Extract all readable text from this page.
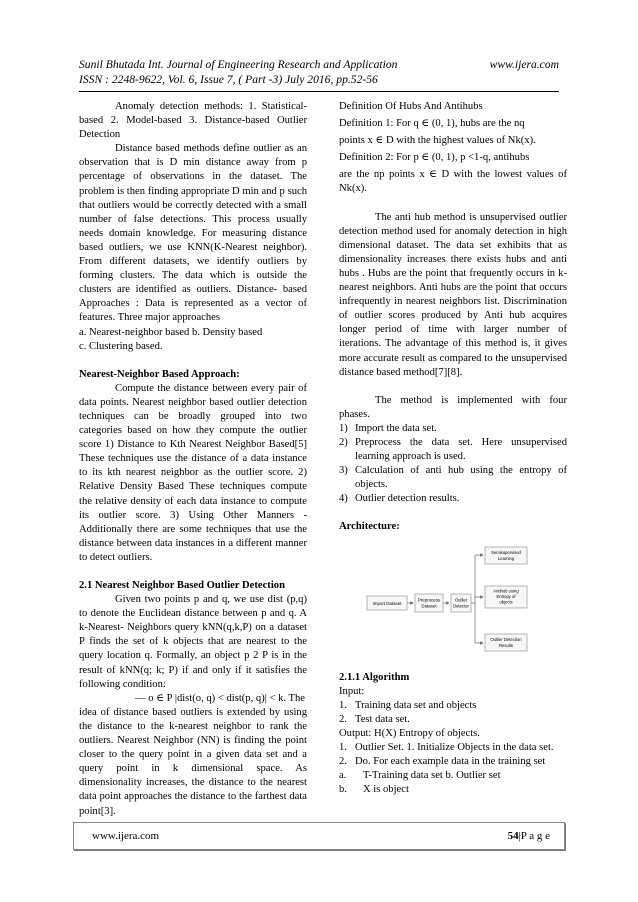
Sunil Bhutada Int. Journal of Engineering Research and Application	www.ijera.com
ISSN : 2248-9622, Vol. 6, Issue 7, ( Part -3) July 2016, pp.52-56

Anomaly detection methods: 1. Statistical- based 2. Model-based 3. Distance-based Outlier Detection

Distance based methods define outlier as an observation that is D min distance away from p percentage of observations in the dataset. The problem is then finding appropriate D min and p such that outliers would be correctly detected with a small number of false detections. This process usually needs domain knowledge. For measuring distance based outliers, we use KNN(K-Nearest neighbor). From different datasets, we identify outliers by forming clusters. The data which is outside the clusters are identified as outliers. Distance- based Approaches : Data is represented as a vector of features. Three major approaches

a. Nearest-neighbor based b. Density based

c. Clustering based.

Nearest-Neighbor Based Approach:

Compute the distance between every pair of data points. Nearest neighbor based outlier detection techniques can be broadly grouped into two categories based on how they compute the outlier score 1) Distance to Kth Nearest Neighbor Based[5] These techniques use the distance of a data instance to its kth nearest neighbor as the outlier score. 2) Relative Density Based These techniques compute the relative density of each data instance to compute its outlier score. 3) Using Other Manners - Additionally there are some techniques that use the distance between data instances in a different manner to detect outliers.

2.1 Nearest Neighbor Based Outlier Detection

Given two points p and q, we use dist (p,q) to denote the Euclidean distance between p and q. A k-Nearest- Neighbors query kNN(q,k,P) on a dataset P finds the set of k objects that are nearest to the query location q. Formally, an object p 2 P is in the result of kNN(q; k; P) if and only if it satisfies the following condition:

— o ∈ P |dist(o, q) < dist(p, q)| < k. The

idea of distance based outliers is extended by using the distance to the k-nearest neighbor to rank the outliers. Nearest Neighbor (NN) is finding the point closer to the query point in a given data set and a query point in k dimensional space. As dimensionality increases, the distance to the nearest data point approaches the distance to the farthest data point[3].

Definition Of Hubs And Antihubs

Definition 1: For q ∈ (0, 1), hubs are the nq

points x ∈ D with the highest values of Nk(x).

Definition 2: For p ∈ (0, 1), p <1-q, antihubs

are the np points x ∈ D with the lowest values of Nk(x).

The anti hub method is unsupervised outlier detection method used for anomaly detection in high dimensional dataset. The data set exhibits that as dimensionality increases there exists hubs and anti hubs . Hubs are the point that frequently occurs in k-nearest neighbors. Anti hubs are the point that occurs infrequently in nearest neighbors list. Discrimination of outlier scores produced by Anti hub acquires longer period of time with larger number of iterations. The advantage of this method is, it gives more accurate result as compared to the unsupervised distance based method[7][8].

The method is implemented with four phases.

1) Import the data set.
2) Preprocess the data set. Here unsupervised learning approach is used.
3) Calculation of anti hub using the entropy of objects.
4) Outlier detection results.

Architecture:

Import Dataset
Preprocess
Dataset
Outlier
Detector
Semisupervised
Learning
Antihub using
Entropy of
objects
Outlier Detection
Results

2.1.1 Algorithm

Input:

1. Training data set and objects
2. Test data set.

Output: H(X) Entropy of objects.

1. Outlier Set. 1. Initialize Objects in the data set.
2. Do. For each example data in the training set
a.	T-Training data set b. Outlier set
b.	X is object
www.ijera.com	54|P a g e
